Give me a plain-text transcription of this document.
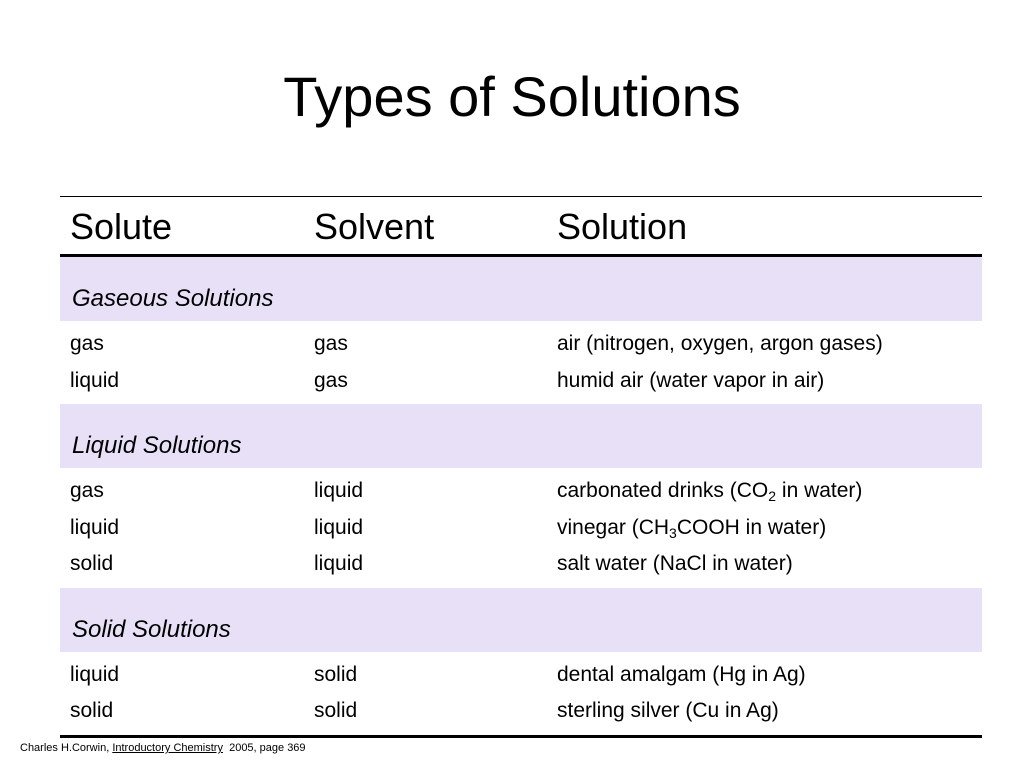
Types of Solutions
Solute	Solvent	Solution
Gaseous Solutions
gas	gas	air (nitrogen, oxygen, argon gases)
liquid	gas	humid air (water vapor in air)
Liquid Solutions
gas	liquid	carbonated drinks ($CO_2$ in water)
liquid	liquid	vinegar ($CH_3COOH$ in water)
solid	liquid	salt water (NaCl in water)
Solid Solutions
liquid	solid	dental amalgam (Hg in Ag)
solid	solid	sterling silver (Cu in Ag)
Charles H.Corwin, Introductory Chemistry  2005, page 369
